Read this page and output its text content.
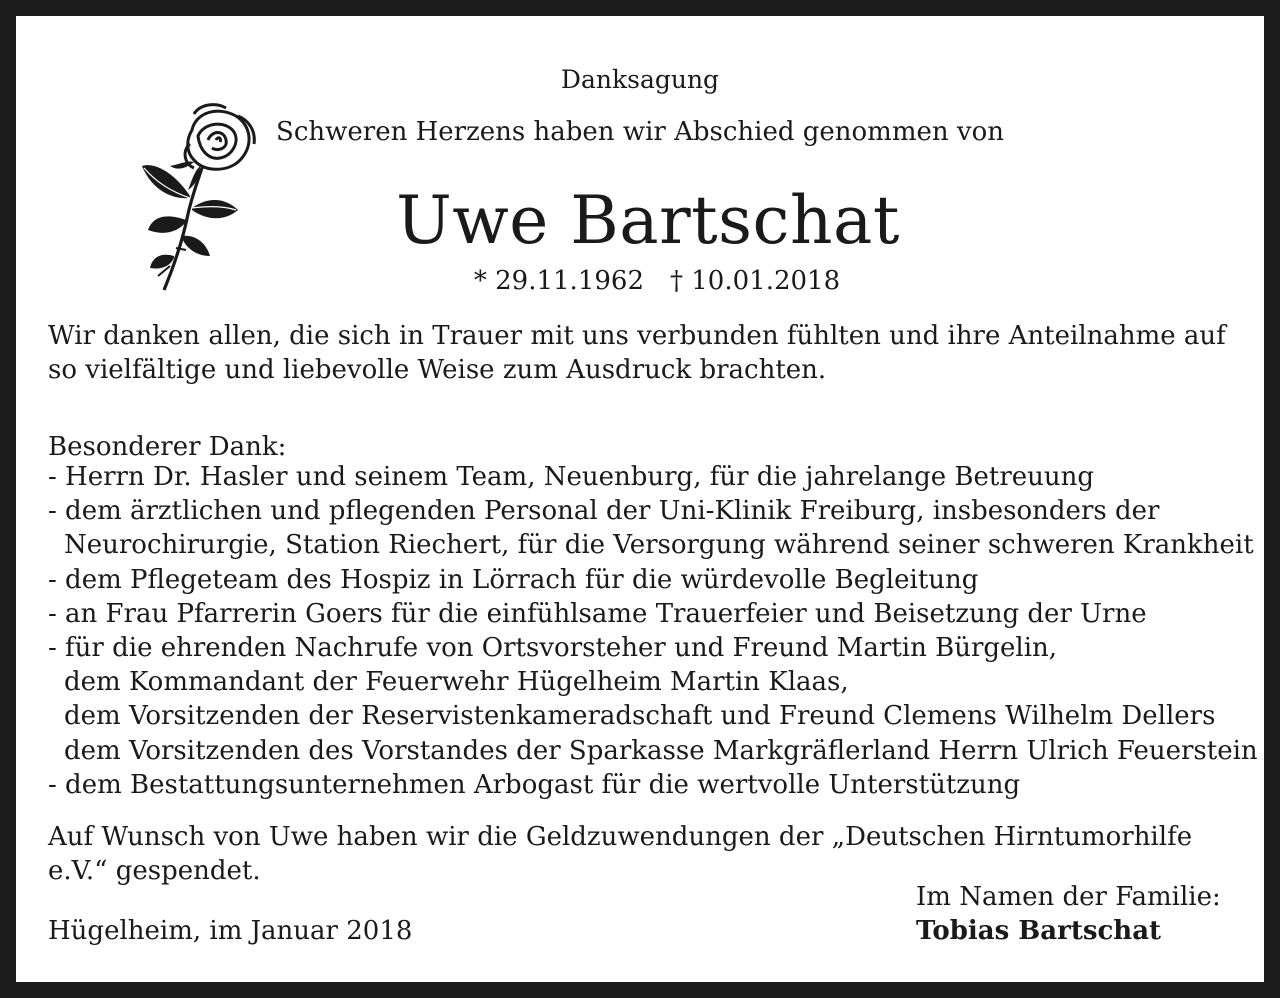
Danksagung

Schweren Herzens haben wir Abschied genommen von

Uwe Bartschat

* 29.11.1962 † 10.01.2018

Wir danken allen, die sich in Trauer mit uns verbunden fühlten und ihre Anteilnahme auf so vielfältige und liebevolle Weise zum Ausdruck brachten.

Besonderer Dank:

- Herrn Dr. Hasler und seinem Team, Neuenburg, für die jahrelange Betreuung
- dem ärztlichen und pflegenden Personal der Uni-Klinik Freiburg, insbesonders der
Neurochirurgie, Station Riechert, für die Versorgung während seiner schweren Krankheit
- dem Pflegeteam des Hospiz in Lörrach für die würdevolle Begleitung
- an Frau Pfarrerin Goers für die einfühlsame Trauerfeier und Beisetzung der Urne
- für die ehrenden Nachrufe von Ortsvorsteher und Freund Martin Bürgelin,
dem Kommandant der Feuerwehr Hügelheim Martin Klaas,
dem Vorsitzenden der Reservistenkameradschaft und Freund Clemens Wilhelm Dellers
dem Vorsitzenden des Vorstandes der Sparkasse Markgräflerland Herrn Ulrich Feuerstein
- dem Bestattungsunternehmen Arbogast für die wertvolle Unterstützung

Auf Wunsch von Uwe haben wir die Geldzuwendungen der „Deutschen Hirntumorhilfe e.V.“ gespendet.

Im Namen der Familie:

Tobias Bartschat

Hügelheim, im Januar 2018
